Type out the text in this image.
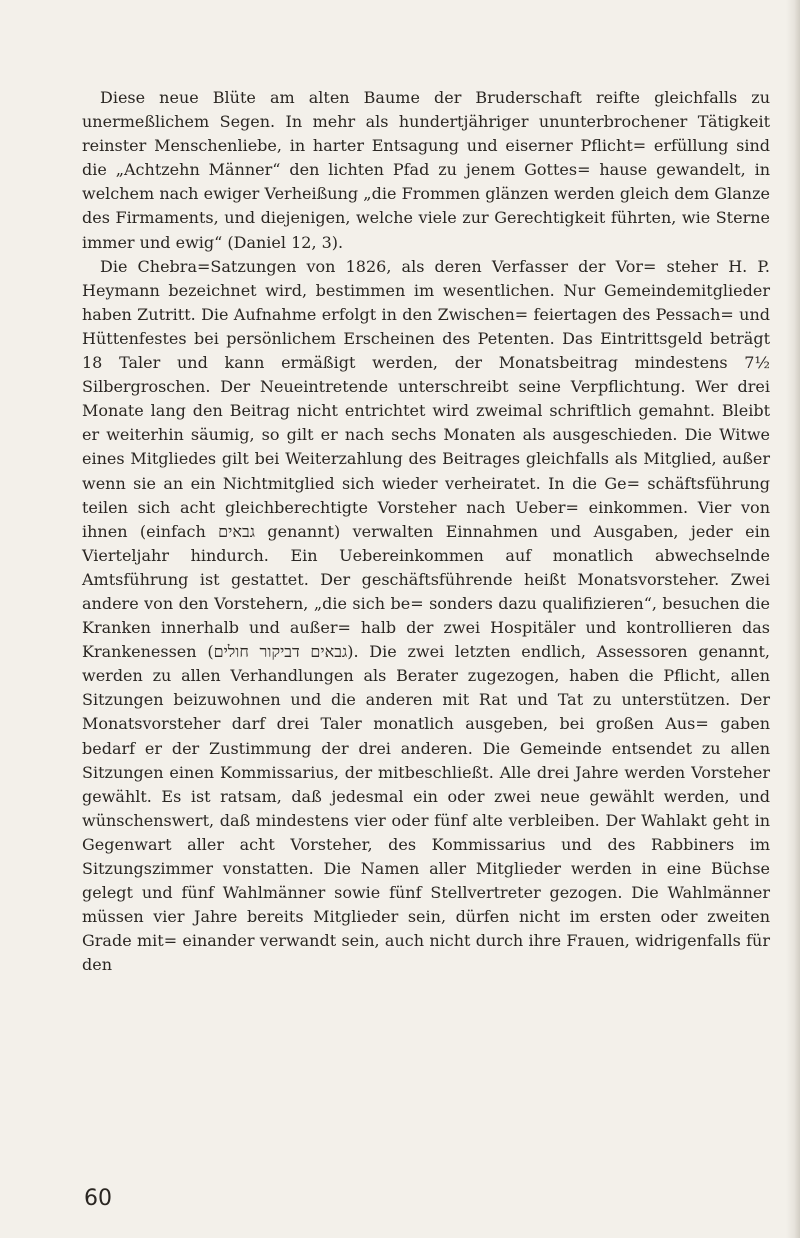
Diese neue Blüte am alten Baume der Bruderschaft reifte gleichfalls zu unermeßlichem Segen. In mehr als hundertjähriger ununterbrochener Tätigkeit reinster Menschenliebe, in harter Entsagung und eiserner Pflicht= erfüllung sind die „Achtzehn Männer“ den lichten Pfad zu jenem Gottes= hause gewandelt, in welchem nach ewiger Verheißung „die Frommen glänzen werden gleich dem Glanze des Firmaments, und diejenigen, welche viele zur Gerechtigkeit führten, wie Sterne immer und ewig“ (Daniel 12, 3).

Die Chebra=Satzungen von 1826, als deren Verfasser der Vor= steher H. P. Heymann bezeichnet wird, bestimmen im wesentlichen. Nur Gemeindemitglieder haben Zutritt. Die Aufnahme erfolgt in den Zwischen= feiertagen des Pessach= und Hüttenfestes bei persönlichem Erscheinen des Petenten. Das Eintrittsgeld beträgt 18 Taler und kann ermäßigt werden, der Monatsbeitrag mindestens 7½ Silbergroschen. Der Neueintretende unterschreibt seine Verpflichtung. Wer drei Monate lang den Beitrag nicht entrichtet wird zweimal schriftlich gemahnt. Bleibt er weiterhin säumig, so gilt er nach sechs Monaten als ausgeschieden. Die Witwe eines Mitgliedes gilt bei Weiterzahlung des Beitrages gleichfalls als Mitglied, außer wenn sie an ein Nichtmitglied sich wieder verheiratet. In die Ge= schäftsführung teilen sich acht gleichberechtigte Vorsteher nach Ueber= einkommen. Vier von ihnen (einfach גבאים genannt) verwalten Einnahmen und Ausgaben, jeder ein Vierteljahr hindurch. Ein Uebereinkommen auf monatlich abwechselnde Amtsführung ist gestattet. Der geschäftsführende heißt Monatsvorsteher. Zwei andere von den Vorstehern, „die sich be= sonders dazu qualifizieren“, besuchen die Kranken innerhalb und außer= halb der zwei Hospitäler und kontrollieren das Krankenessen (גבאים דביקור חולים). Die zwei letzten endlich, Assessoren genannt, werden zu allen Verhandlungen als Berater zugezogen, haben die Pflicht, allen Sitzungen beizuwohnen und die anderen mit Rat und Tat zu unterstützen. Der Monatsvorsteher darf drei Taler monatlich ausgeben, bei großen Aus= gaben bedarf er der Zustimmung der drei anderen. Die Gemeinde entsendet zu allen Sitzungen einen Kommissarius, der mitbeschließt. Alle drei Jahre werden Vorsteher gewählt. Es ist ratsam, daß jedesmal ein oder zwei neue gewählt werden, und wünschenswert, daß mindestens vier oder fünf alte verbleiben. Der Wahlakt geht in Gegenwart aller acht Vorsteher, des Kommissarius und des Rabbiners im Sitzungszimmer vonstatten. Die Namen aller Mitglieder werden in eine Büchse gelegt und fünf Wahlmänner sowie fünf Stellvertreter gezogen. Die Wahlmänner müssen vier Jahre bereits Mitglieder sein, dürfen nicht im ersten oder zweiten Grade mit= einander verwandt sein, auch nicht durch ihre Frauen, widrigenfalls für den

60
